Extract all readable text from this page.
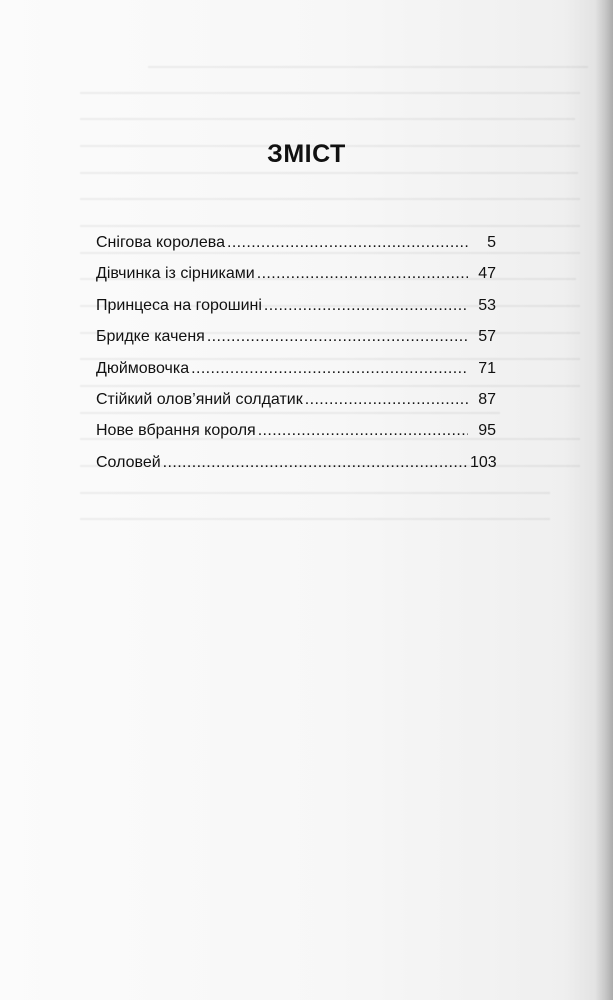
ЗМІСТ
Снігова королева .....	5
Дівчинка із сірниками .....	47
Принцеса на горошині .....	53
Бридке каченя .....	57
Дюймовочка .....	71
Стійкий олов’яний солдатик .....	87
Нове вбрання короля .....	95
Соловей .....	103
